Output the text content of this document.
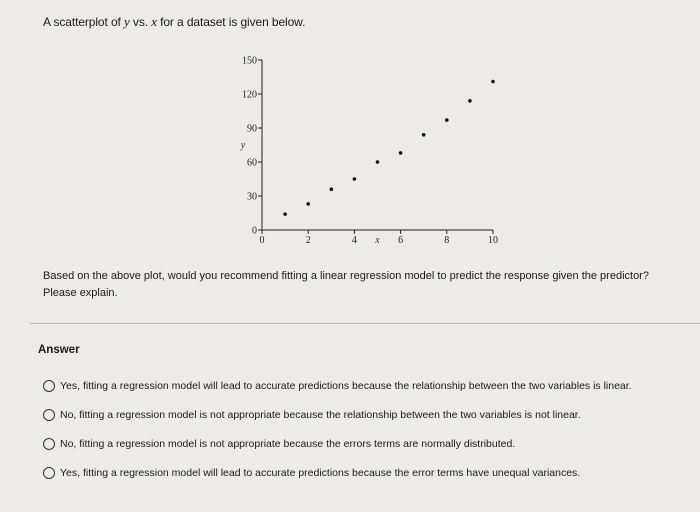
A scatterplot of y vs. x for a dataset is given below.
0
30
60
90
120
150
0	2	4	6	8	10
x
y
Based on the above plot, would you recommend fitting a linear regression model to predict the response given the predictor? Please explain.
Answer
Yes, fitting a regression model will lead to accurate predictions because the relationship between the two variables is linear.
No, fitting a regression model is not appropriate because the relationship between the two variables is not linear.
No, fitting a regression model is not appropriate because the errors terms are normally distributed.
Yes, fitting a regression model will lead to accurate predictions because the error terms have unequal variances.
